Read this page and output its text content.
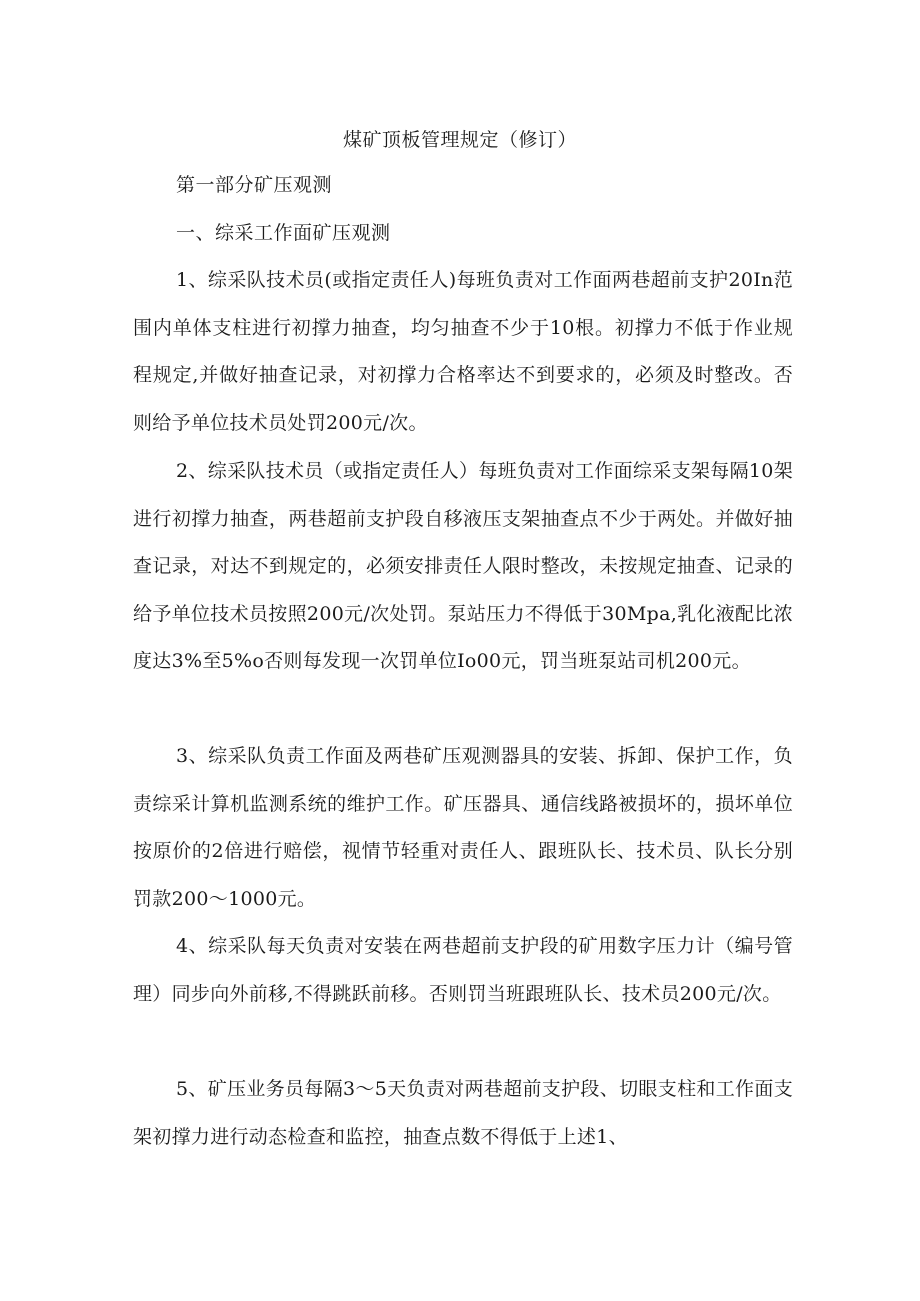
煤矿顶板管理规定（修订）
第一部分矿压观测
一、综采工作面矿压观测

1、综采队技术员(或指定责任人)每班负责对工作面两巷超前支护20In范围内单体支柱进行初撑力抽查，均匀抽查不少于10根。初撑力不低于作业规程规定,并做好抽查记录，对初撑力合格率达不到要求的，必须及时整改。否则给予单位技术员处罚200元/次。

2、综采队技术员（或指定责任人）每班负责对工作面综采支架每隔10架进行初撑力抽查，两巷超前支护段自移液压支架抽查点不少于两处。并做好抽查记录，对达不到规定的，必须安排责任人限时整改，未按规定抽查、记录的给予单位技术员按照200元/次处罚。泵站压力不得低于30Mpa,乳化液配比浓度达3%至5%o否则每发现一次罚单位Io00元，罚当班泵站司机200元。

3、综采队负责工作面及两巷矿压观测器具的安装、拆卸、保护工作，负责综采计算机监测系统的维护工作。矿压器具、通信线路被损坏的，损坏单位按原价的2倍进行赔偿，视情节轻重对责任人、跟班队长、技术员、队长分别罚款200～1000元。

4、综采队每天负责对安装在两巷超前支护段的矿用数字压力计（编号管理）同步向外前移,不得跳跃前移。否则罚当班跟班队长、技术员200元/次。

5、矿压业务员每隔3～5天负责对两巷超前支护段、切眼支柱和工作面支架初撑力进行动态检查和监控，抽查点数不得低于上述1、
